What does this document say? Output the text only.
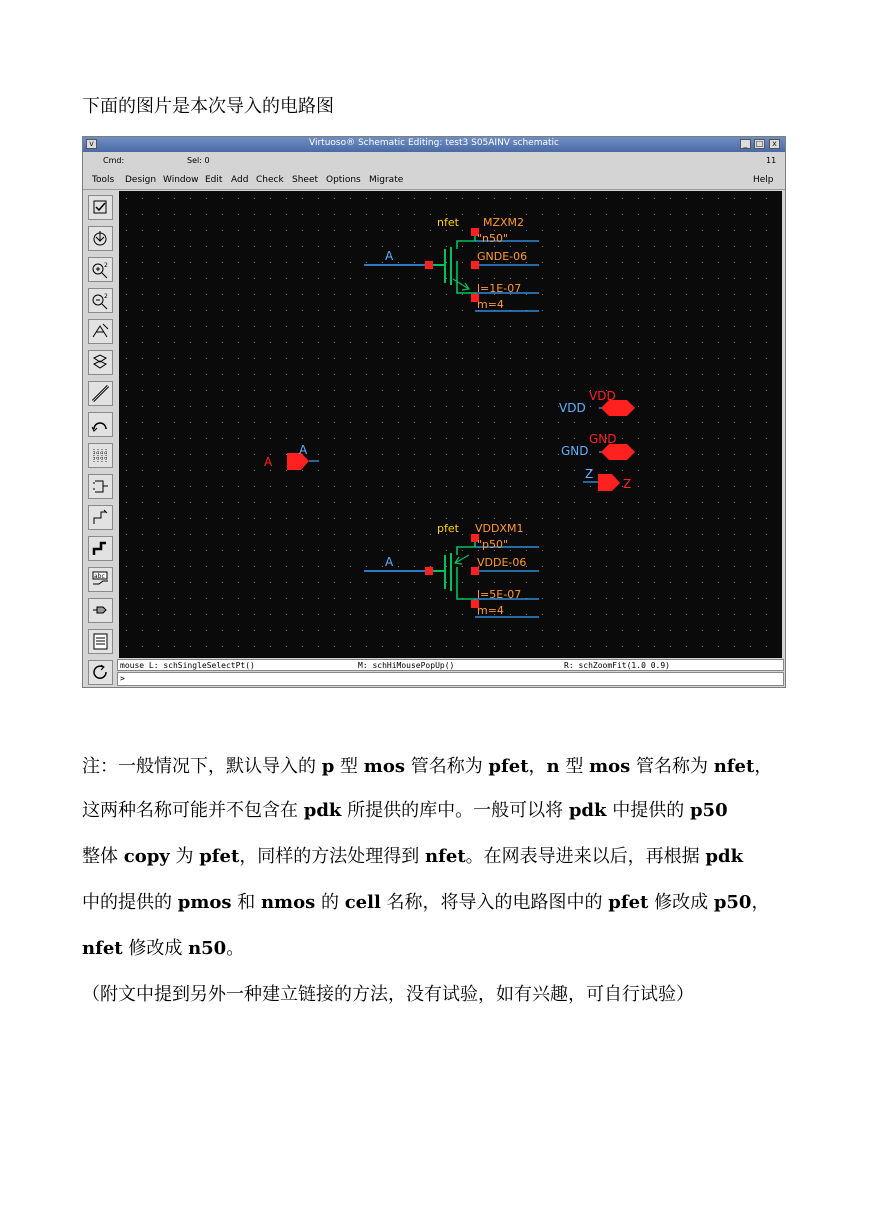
下面的图片是本次导入的电路图
v	Virtuoso® Schematic Editing: test3 S05AINV schematic	_	□	x
Cmd:	Sel: 0	11
Tools Design Window Edit Add Check Sheet Options Migrate	Help
2
2
abc
nfet MZXM2
"n50"
A	GNDE-06
l=1E-07
m=4
VDD
VDD
GND
GND
Z
Z
A
A
pfet VDDXM1
"p50"
A	VDDE-06
l=5E-07
m=4
mouse L: schSingleSelectPt()	M: schHiMousePopUp()	R: schZoomFit(1.0 0.9)
>
注：一般情况下，默认导入的 p 型 mos 管名称为 pfet，n 型 mos 管名称为 nfet，
这两种名称可能并不包含在 pdk 所提供的库中。一般可以将 pdk 中提供的 p50
整体 copy 为 pfet，同样的方法处理得到 nfet。在网表导进来以后，再根据 pdk
中的提供的 pmos 和 nmos 的 cell 名称，将导入的电路图中的 pfet 修改成 p50，
nfet 修改成 n50。
（附文中提到另外一种建立链接的方法，没有试验，如有兴趣，可自行试验）
